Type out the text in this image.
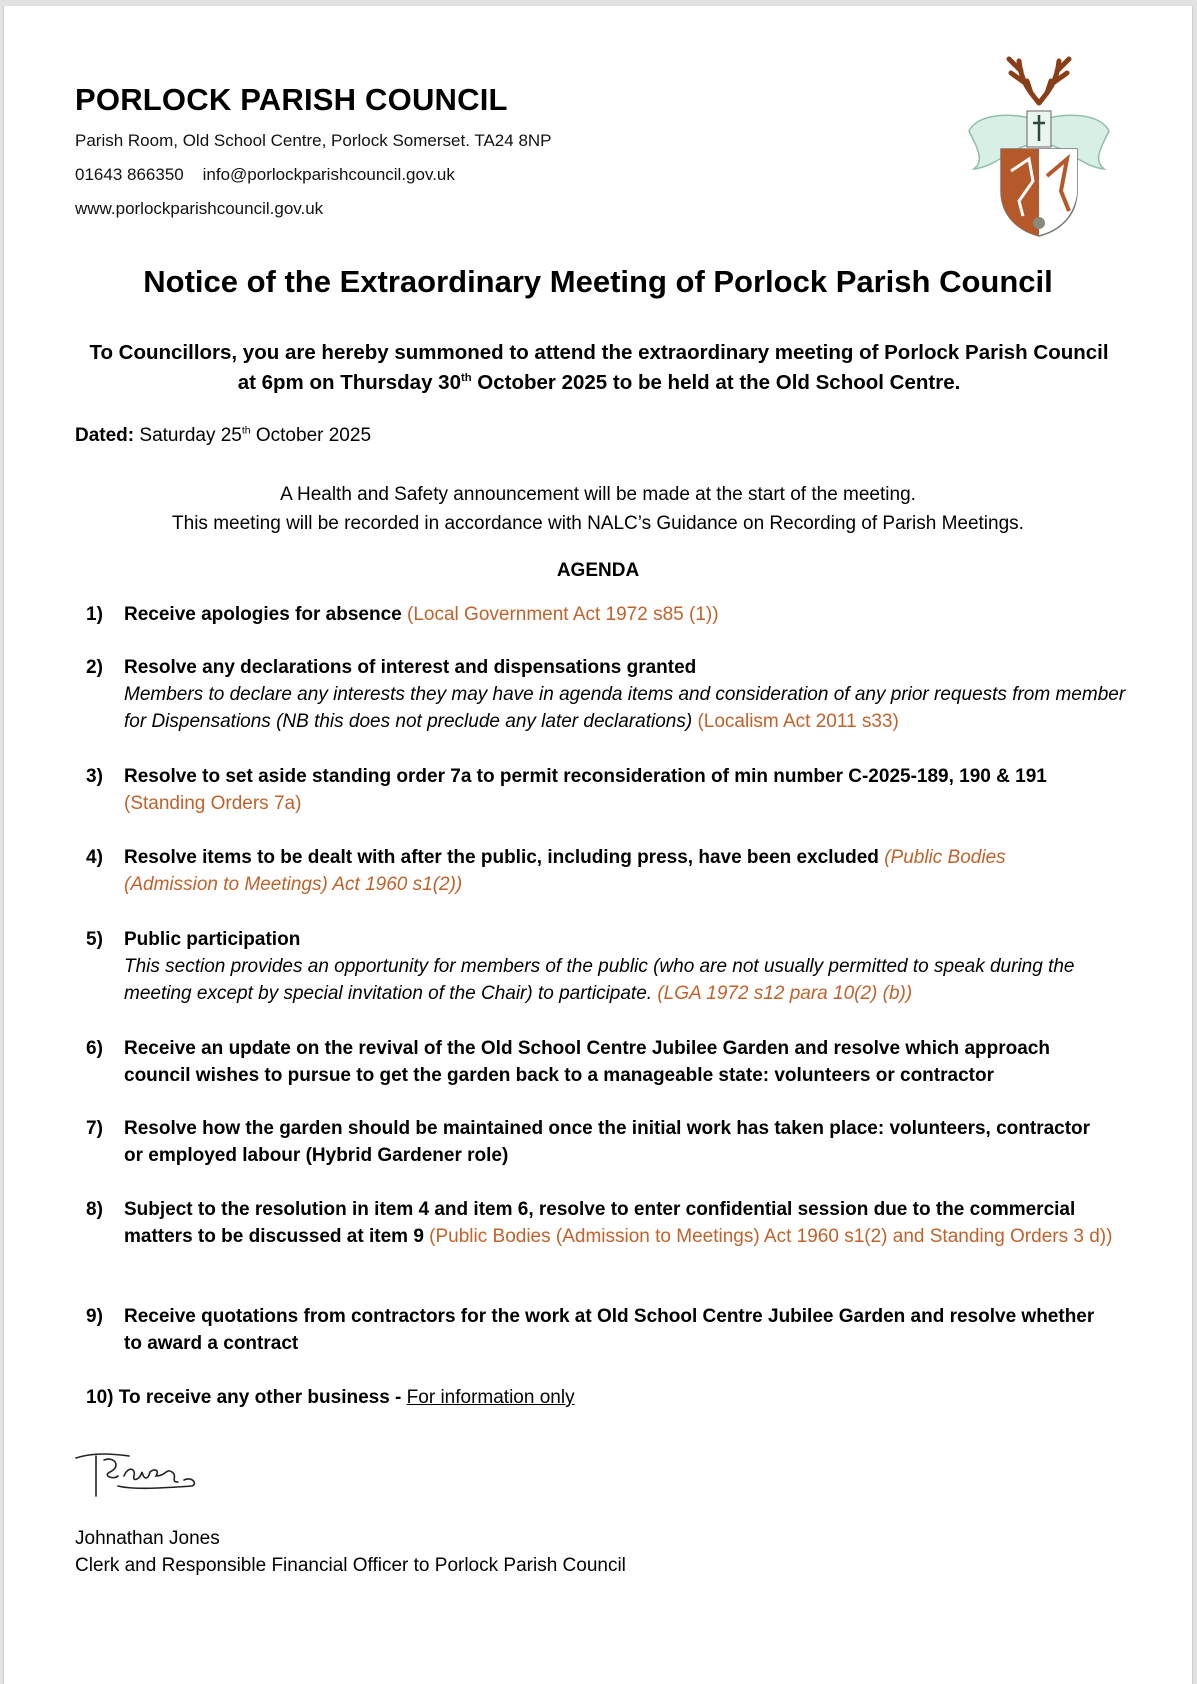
PORLOCK PARISH COUNCIL
Parish Room, Old School Centre, Porlock Somerset. TA24 8NP
01643 866350 info@porlockparishcouncil.gov.uk
www.porlockparishcouncil.gov.uk
Notice of the Extraordinary Meeting of Porlock Parish Council
To Councillors, you are hereby summoned to attend the extraordinary meeting of Porlock Parish Council
at 6pm on Thursday 30th October 2025 to be held at the Old School Centre.
Dated: Saturday 25th October 2025
A Health and Safety announcement will be made at the start of the meeting.
This meeting will be recorded in accordance with NALC’s Guidance on Recording of Parish Meetings.
AGENDA
1) Receive apologies for absence (Local Government Act 1972 s85 (1))
2) Resolve any declarations of interest and dispensations granted
Members to declare any interests they may have in agenda items and consideration of any prior requests from member for Dispensations (NB this does not preclude any later declarations) (Localism Act 2011 s33)
3) Resolve to set aside standing order 7a to permit reconsideration of min number C-2025-189, 190 & 191
(Standing Orders 7a)
4) Resolve items to be dealt with after the public, including press, have been excluded (Public Bodies (Admission to Meetings) Act 1960 s1(2))
5) Public participation
This section provides an opportunity for members of the public (who are not usually permitted to speak during the meeting except by special invitation of the Chair) to participate. (LGA 1972 s12 para 10(2) (b))
6) Receive an update on the revival of the Old School Centre Jubilee Garden and resolve which approach council wishes to pursue to get the garden back to a manageable state: volunteers or contractor
7) Resolve how the garden should be maintained once the initial work has taken place: volunteers, contractor or employed labour (Hybrid Gardener role)
8) Subject to the resolution in item 4 and item 6, resolve to enter confidential session due to the commercial matters to be discussed at item 9 (Public Bodies (Admission to Meetings) Act 1960 s1(2) and Standing Orders 3 d))
9) Receive quotations from contractors for the work at Old School Centre Jubilee Garden and resolve whether to award a contract
10) To receive any other business - For information only
Johnathan Jones
Clerk and Responsible Financial Officer to Porlock Parish Council
